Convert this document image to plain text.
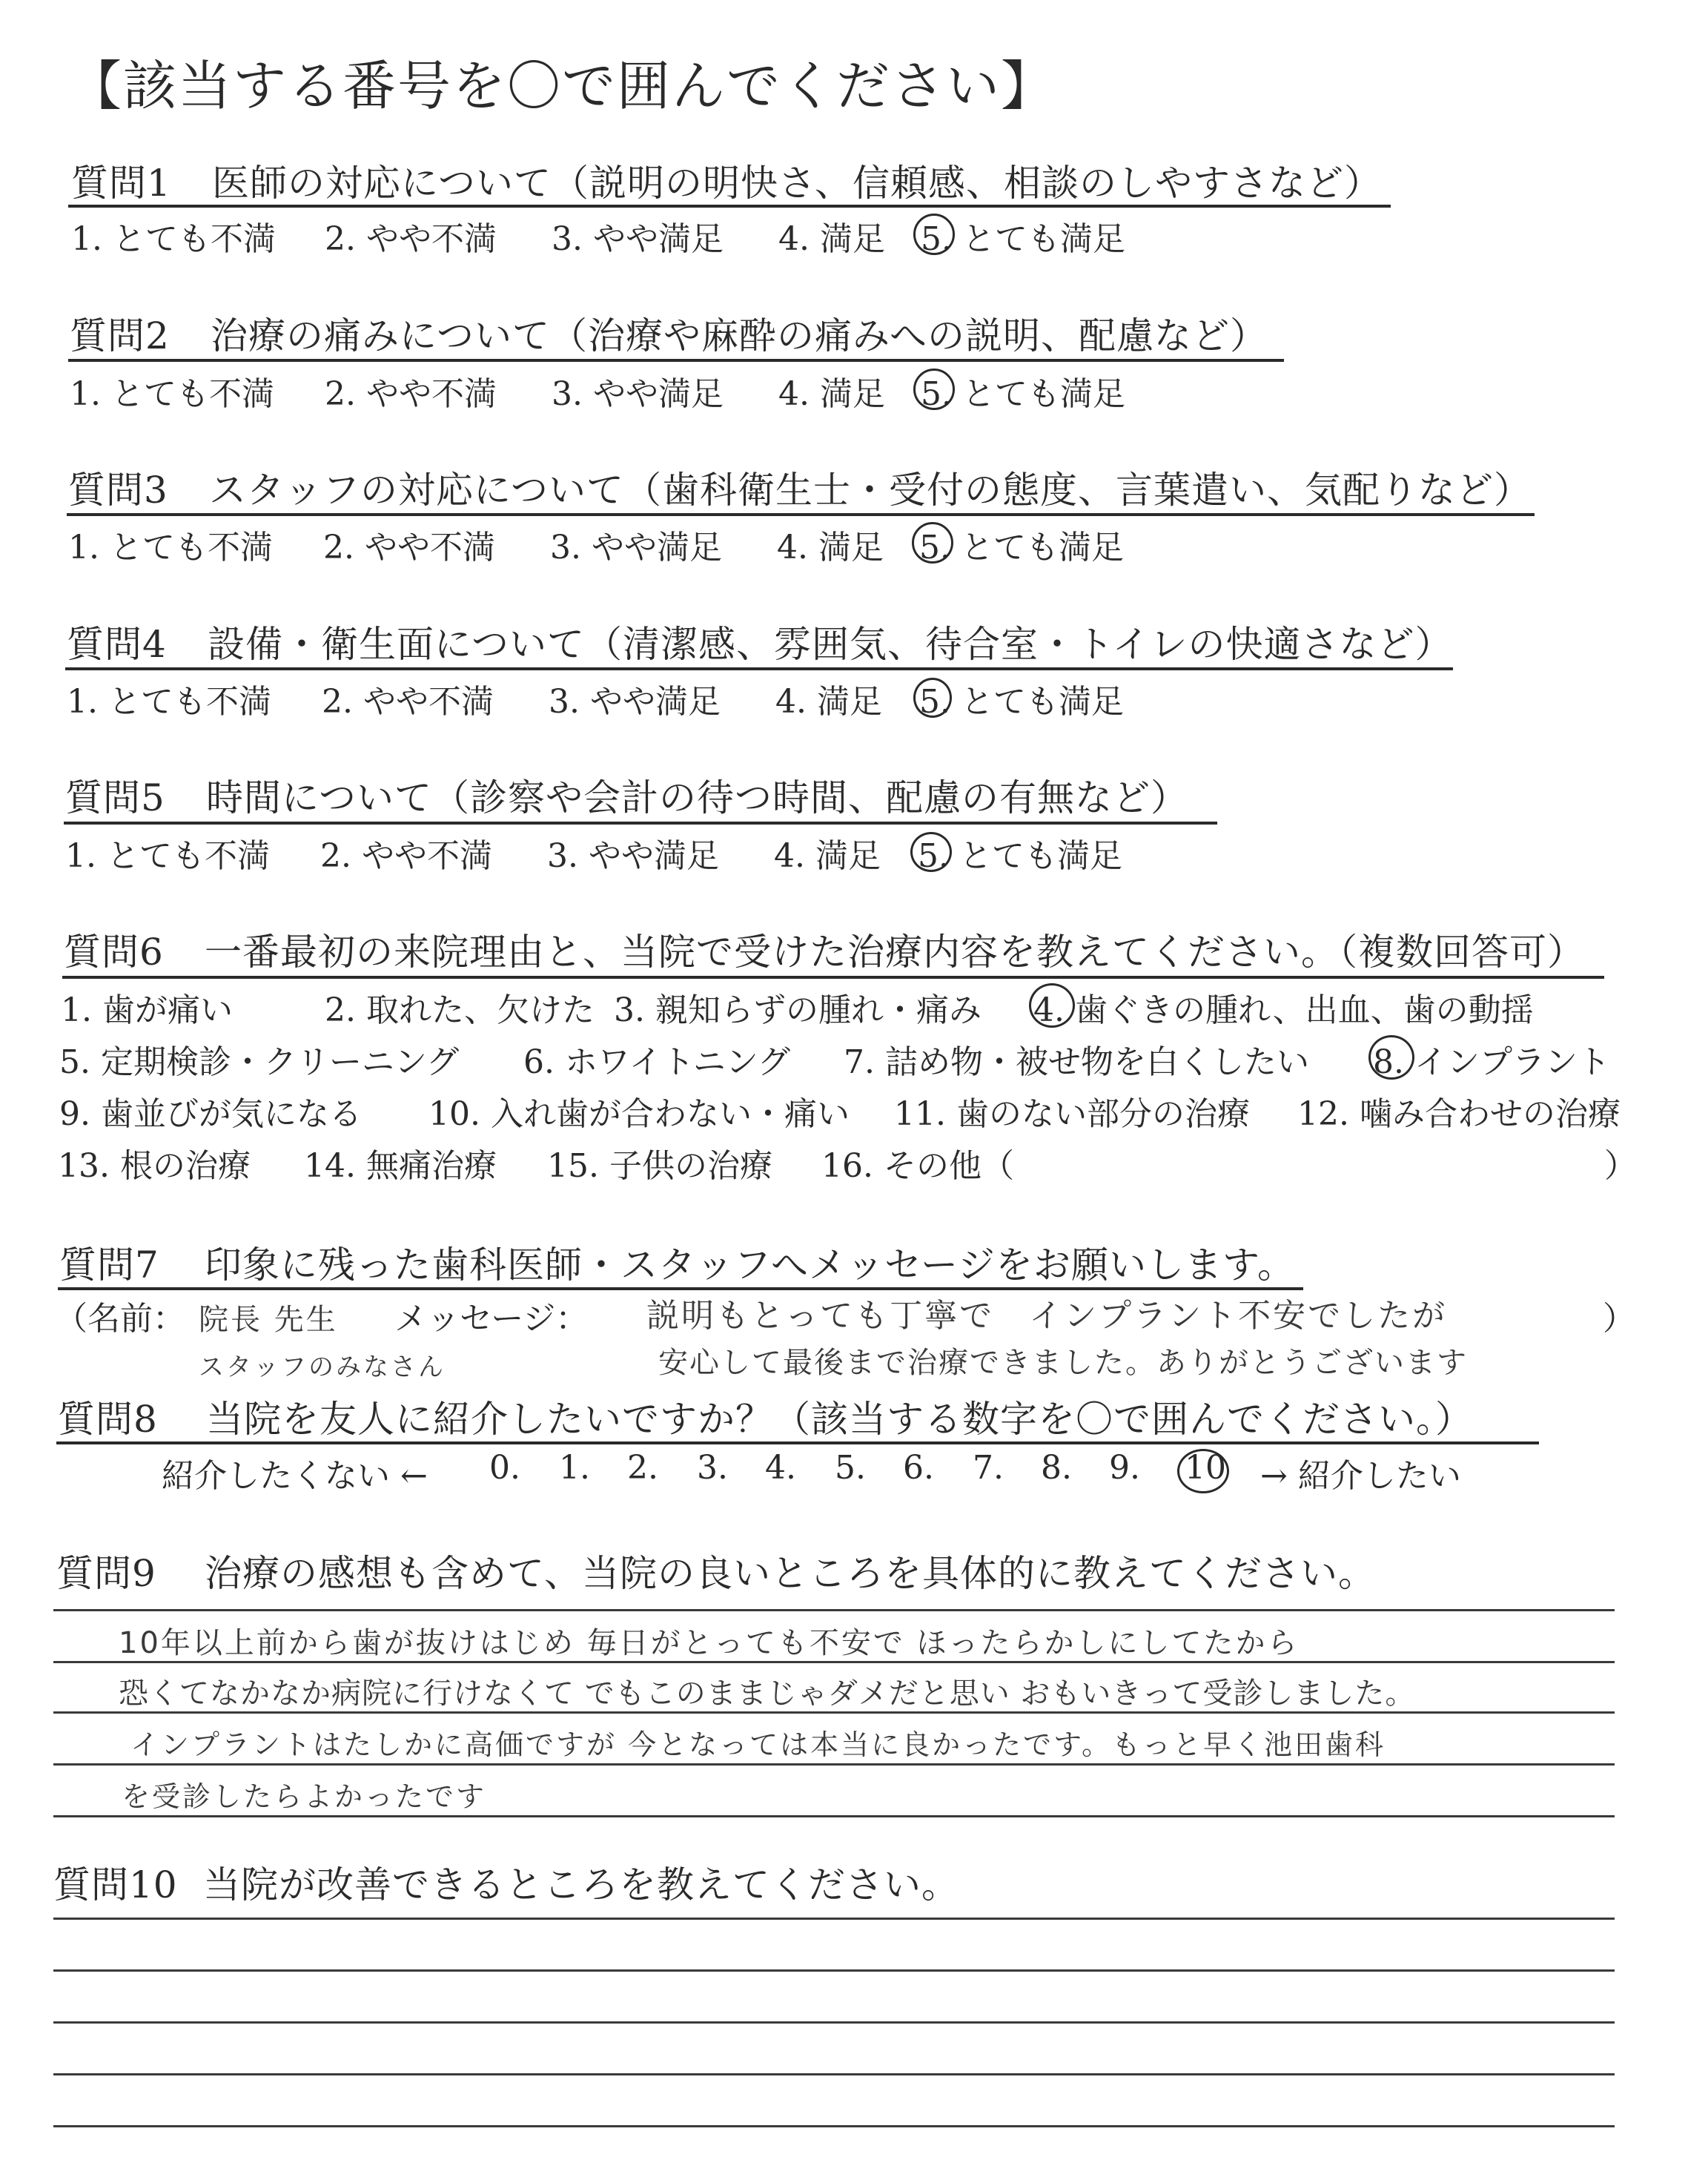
【該当する番号を〇で囲んでください】
質問1 医師の対応について（説明の明快さ、信頼感、相談のしやすさなど）
1. とても不満 2. やや不満 3. やや満足 4. 満足 5. とても満足
質問2 治療の痛みについて（治療や麻酔の痛みへの説明、配慮など）
1. とても不満 2. やや不満 3. やや満足 4. 満足 5. とても満足
質問3 スタッフの対応について（歯科衛生士・受付の態度、言葉遣い、気配りなど）
1. とても不満 2. やや不満 3. やや満足 4. 満足 5. とても満足
質問4 設備・衛生面について（清潔感、雰囲気、待合室・トイレの快適さなど）
1. とても不満 2. やや不満 3. やや満足 4. 満足 5. とても満足
質問5 時間について（診察や会計の待つ時間、配慮の有無など）
1. とても不満 2. やや不満 3. やや満足 4. 満足 5. とても満足
質問6 一番最初の来院理由と、当院で受けた治療内容を教えてください。（複数回答可）
1. 歯が痛い	2. 取れた、欠けた 3. 親知らずの腫れ・痛み 4. 歯ぐきの腫れ、出血、歯の動揺
5. 定期検診・クリーニング 6. ホワイトニング 7. 詰め物・被せ物を白くしたい 8. インプラント
9. 歯並びが気になる 10. 入れ歯が合わない・痛い 11. 歯のない部分の治療 12. 噛み合わせの治療
13. 根の治療 14. 無痛治療 15. 子供の治療 16. その他（	）
質問7 印象に残った歯科医師・スタッフへメッセージをお願いします。
（名前： 院長 先生
スタッフのみなさん
メッセージ： 説明もとっても丁寧で　インプラント不安でしたが
安心して最後まで治療できました。ありがとうございます
）
質問8 当院を友人に紹介したいですか？（該当する数字を〇で囲んでください。）
紹介したくない ← 0. 1. 2. 3. 4. 5. 6. 7. 8. 9. 10 → 紹介したい
質問9 治療の感想も含めて、当院の良いところを具体的に教えてください。
10年以上前から歯が抜けはじめ 毎日がとっても不安で ほったらかしにしてたから
恐くてなかなか病院に行けなくて でもこのままじゃダメだと思い おもいきって受診しました。
インプラントはたしかに高価ですが 今となっては本当に良かったです。もっと早く池田歯科
を受診したらよかったです
質問10 当院が改善できるところを教えてください。
